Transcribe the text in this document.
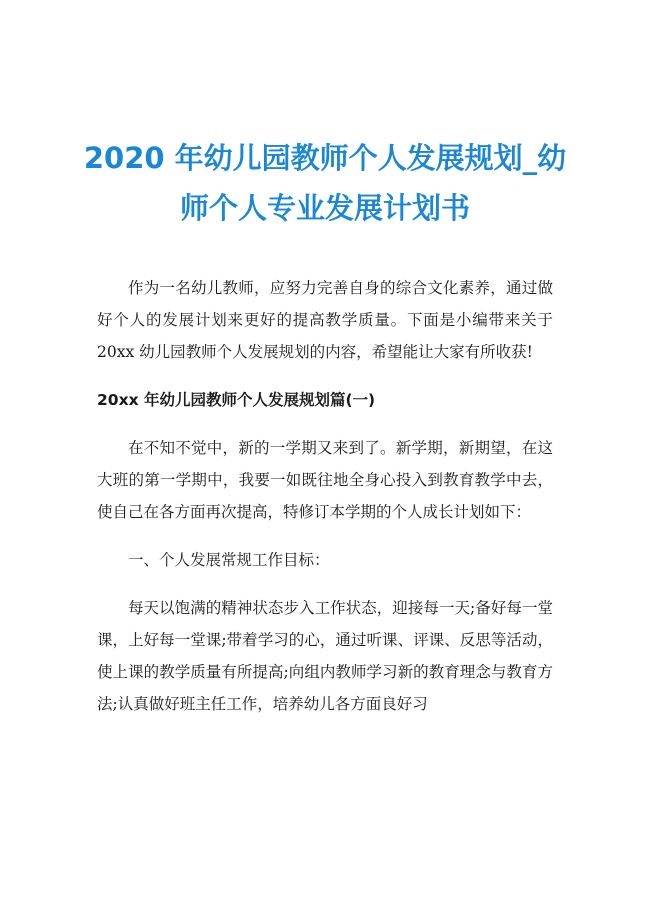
2020 年幼儿园教师个人发展规划_幼
师个人专业发展计划书

作为一名幼儿教师，应努力完善自身的综合文化素养，通过做好个人的发展计划来更好的提高教学质量。下面是小编带来关于 20xx 幼儿园教师个人发展规划的内容，希望能让大家有所收获!

20xx 年幼儿园教师个人发展规划篇(一)

在不知不觉中，新的一学期又来到了。新学期，新期望，在这大班的第一学期中，我要一如既往地全身心投入到教育教学中去，使自己在各方面再次提高，特修订本学期的个人成长计划如下：

一、个人发展常规工作目标：

每天以饱满的精神状态步入工作状态，迎接每一天;备好每一堂课，上好每一堂课;带着学习的心，通过听课、评课、反思等活动，使上课的教学质量有所提高;向组内教师学习新的教育理念与教育方法;认真做好班主任工作，培养幼儿各方面良好习
